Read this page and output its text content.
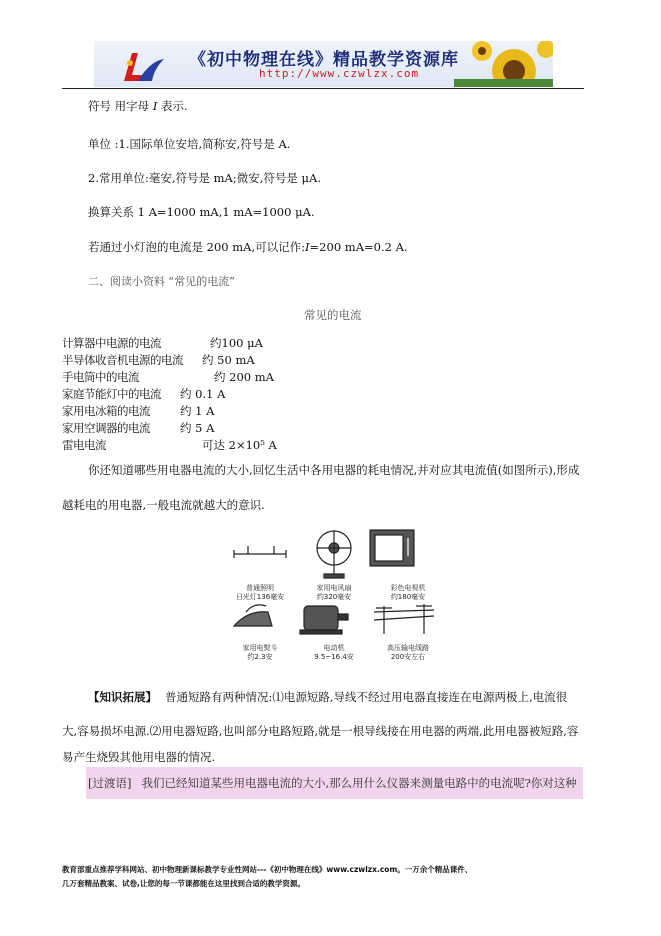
《初中物理在线》精品教学资源库
http://www.czwlzx.com
符号 用字母 I 表示.
单位 :1.国际单位安培,简称安,符号是 A.
2.常用单位:毫安,符号是 mA;微安,符号是 μA.
换算关系 1 A=1000 mA,1 mA=1000 μA.
若通过小灯泡的电流是 200 mA,可以记作:I=200 mA=0.2 A.
二、阅读小资料 “常见的电流”
常见的电流
计算器中电源的电流	约100 μA
半导体收音机电源的电流 约 50 mA
手电筒中的电流	约 200 mA
家庭节能灯中的电流 约 0.1 A
家用电冰箱的电流	约 1 A
家用空调器的电流	约 5 A
雷电电流	可达 2×10⁵ A
你还知道哪些用电器电流的大小,回忆生活中各用电器的耗电情况,并对应其电流值(如图所示),形成
越耗电的用电器,一般电流就越大的意识.
普通照明
日光灯136毫安
家用电风扇
约320毫安
彩色电视机
约180毫安
家用电熨斗
约2.3安
电动机
9.5~16.4安
高压输电线路
200安左右
【知识拓展】 普通短路有两种情况:⑴电源短路,导线不经过用电器直接连在电源两极上,电流很
大,容易损坏电源.⑵用电器短路,也叫部分电路短路,就是一根导线接在用电器的两端,此用电器被短路,容
易产生烧毁其他用电器的情况.
[过渡语] 我们已经知道某些用电器电流的大小,那么用什么仪器来测量电路中的电流呢?你对这种
教育部重点推荐学科网站、初中物理新课标教学专业性网站---《初中物理在线》www.czwlzx.com。一万余个精品课件、
几万套精品教案、试卷,让您的每一节课都能在这里找到合适的教学资源。
